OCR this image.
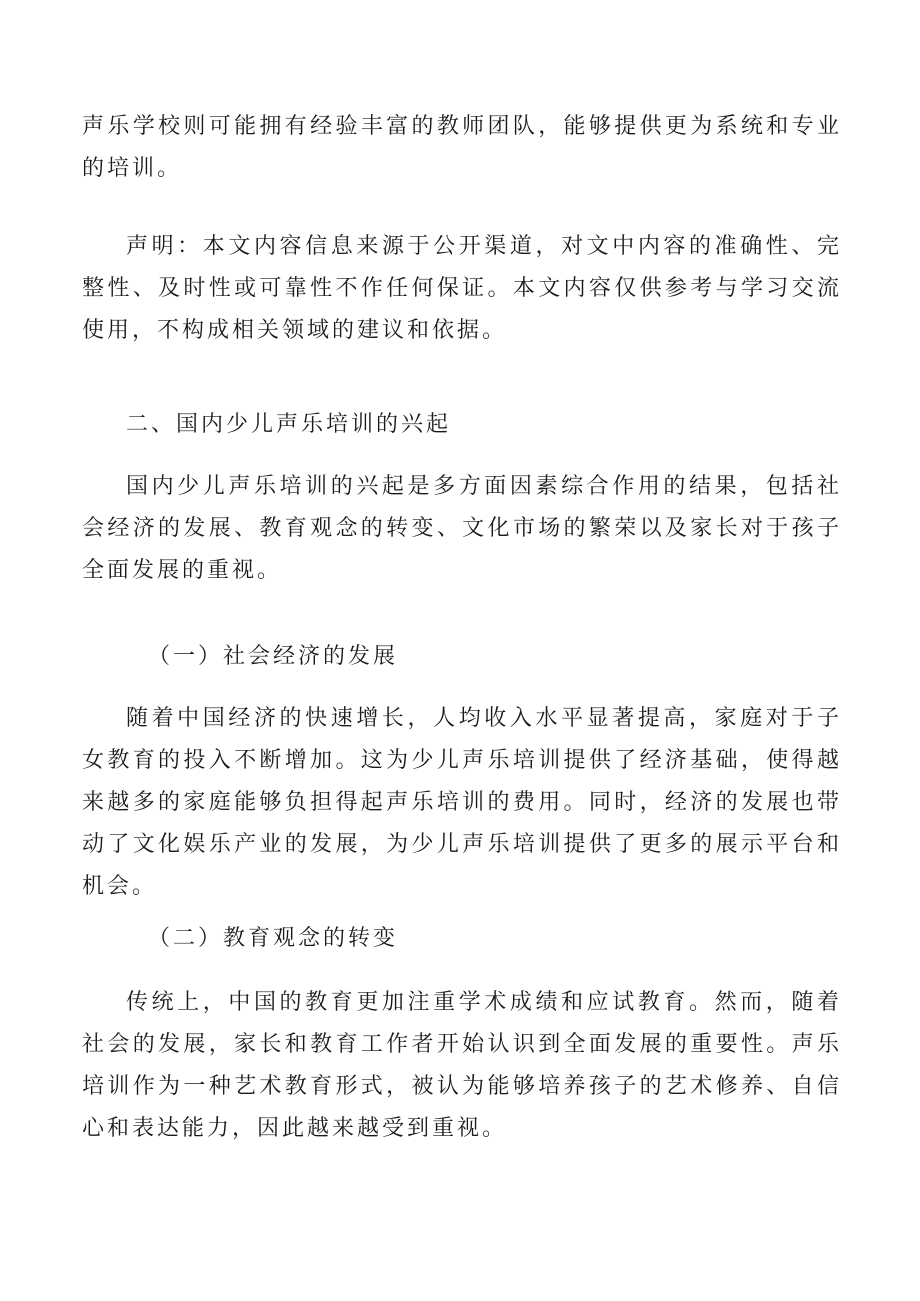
声乐学校则可能拥有经验丰富的教师团队，能够提供更为系统和专业的培训。

声明：本文内容信息来源于公开渠道，对文中内容的准确性、完整性、及时性或可靠性不作任何保证。本文内容仅供参考与学习交流使用，不构成相关领域的建议和依据。

二、国内少儿声乐培训的兴起

国内少儿声乐培训的兴起是多方面因素综合作用的结果，包括社会经济的发展、教育观念的转变、文化市场的繁荣以及家长对于孩子全面发展的重视。

（一）社会经济的发展

随着中国经济的快速增长，人均收入水平显著提高，家庭对于子女教育的投入不断增加。这为少儿声乐培训提供了经济基础，使得越来越多的家庭能够负担得起声乐培训的费用。同时，经济的发展也带动了文化娱乐产业的发展，为少儿声乐培训提供了更多的展示平台和机会。

（二）教育观念的转变

传统上，中国的教育更加注重学术成绩和应试教育。然而，随着社会的发展，家长和教育工作者开始认识到全面发展的重要性。声乐培训作为一种艺术教育形式，被认为能够培养孩子的艺术修养、自信心和表达能力，因此越来越受到重视。
